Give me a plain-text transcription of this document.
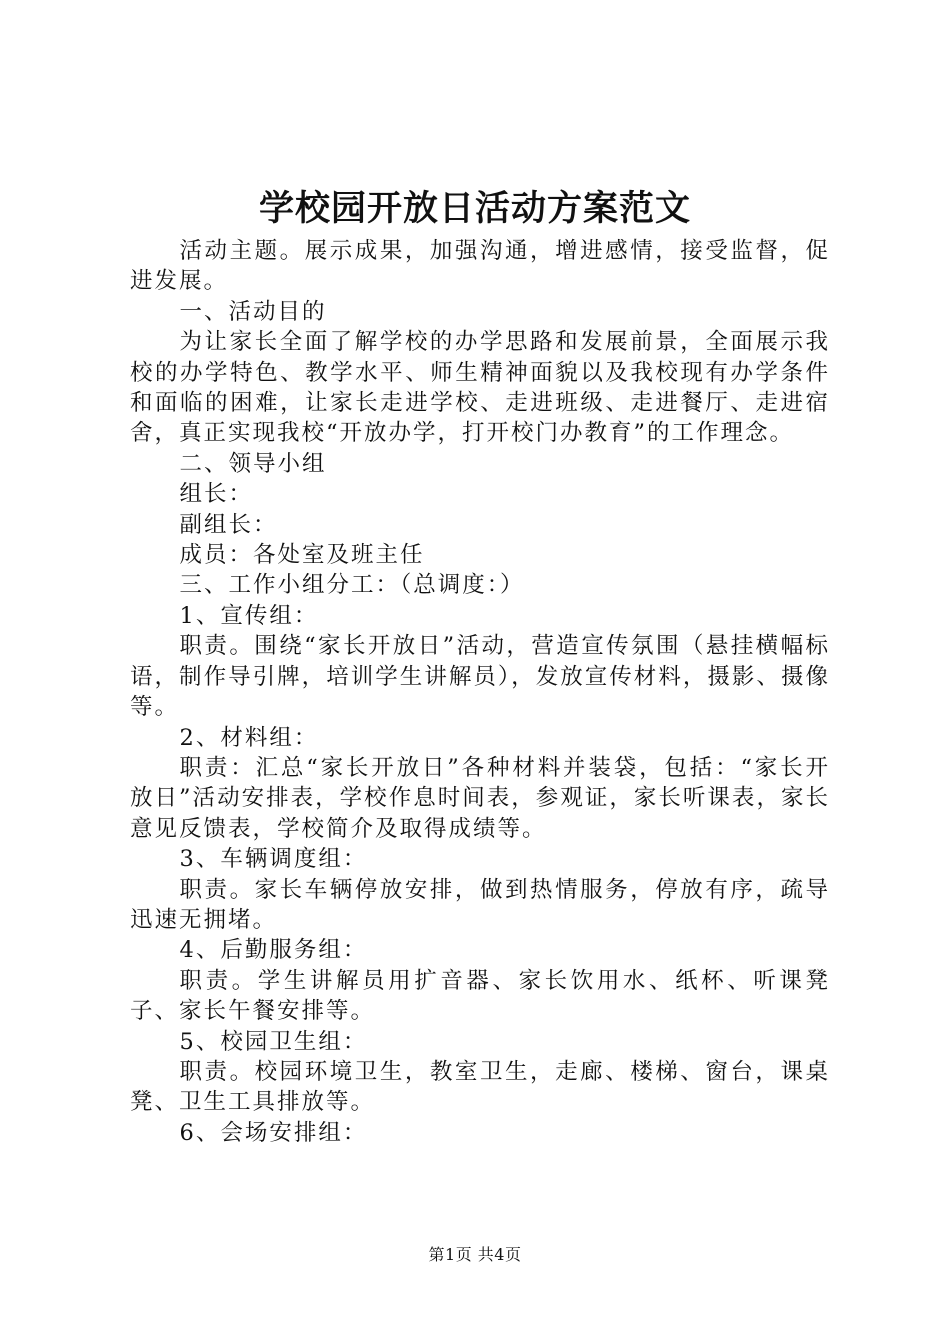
学校园开放日活动方案范文

活动主题。展示成果，加强沟通，增进感情，接受监督，促进发展。

一、活动目的

为让家长全面了解学校的办学思路和发展前景，全面展示我校的办学特色、教学水平、师生精神面貌以及我校现有办学条件和面临的困难，让家长走进学校、走进班级、走进餐厅、走进宿舍，真正实现我校“开放办学，打开校门办教育”的工作理念。

二、领导小组

组长：

副组长：

成员：各处室及班主任

三、工作小组分工：（总调度：）

1、宣传组：

职责。围绕“家长开放日”活动，营造宣传氛围（悬挂横幅标语，制作导引牌，培训学生讲解员），发放宣传材料，摄影、摄像等。

2、材料组：

职责：汇总“家长开放日”各种材料并装袋，包括：“家长开放日”活动安排表，学校作息时间表，参观证，家长听课表，家长意见反馈表，学校简介及取得成绩等。

3、车辆调度组：

职责。家长车辆停放安排，做到热情服务，停放有序，疏导迅速无拥堵。

4、后勤服务组：

职责。学生讲解员用扩音器、家长饮用水、纸杯、听课凳子、家长午餐安排等。

5、校园卫生组：

职责。校园环境卫生，教室卫生，走廊、楼梯、窗台，课桌凳、卫生工具排放等。

6、会场安排组：

第1页 共4页
